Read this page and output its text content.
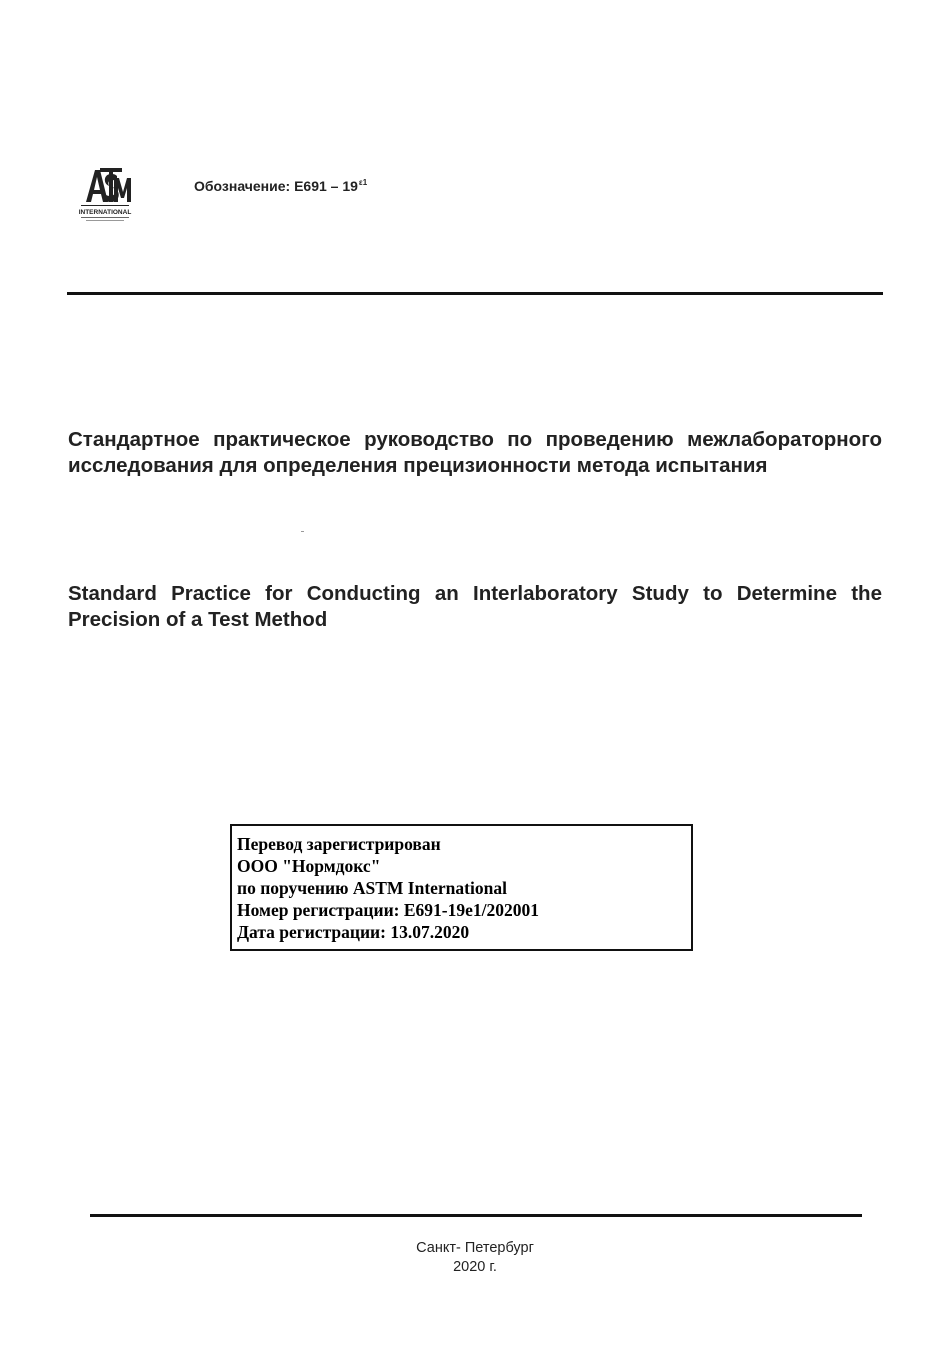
INTERNATIONAL
Обозначение: $E691 - 19^{\varepsilon 1}$
Стандартное практическое руководство по проведению межлабораторного исследования для определения прецизионности метода испытания
Standard Practice for Conducting an Interlaboratory Study to Determine the Precision of a Test Method
Перевод зарегистрирован
ООО "Нормдокс"
по поручению ASTM International
Номер регистрации: E691-19e1/202001
Дата регистрации: 13.07.2020
Санкт- Петербург
2020 г.
